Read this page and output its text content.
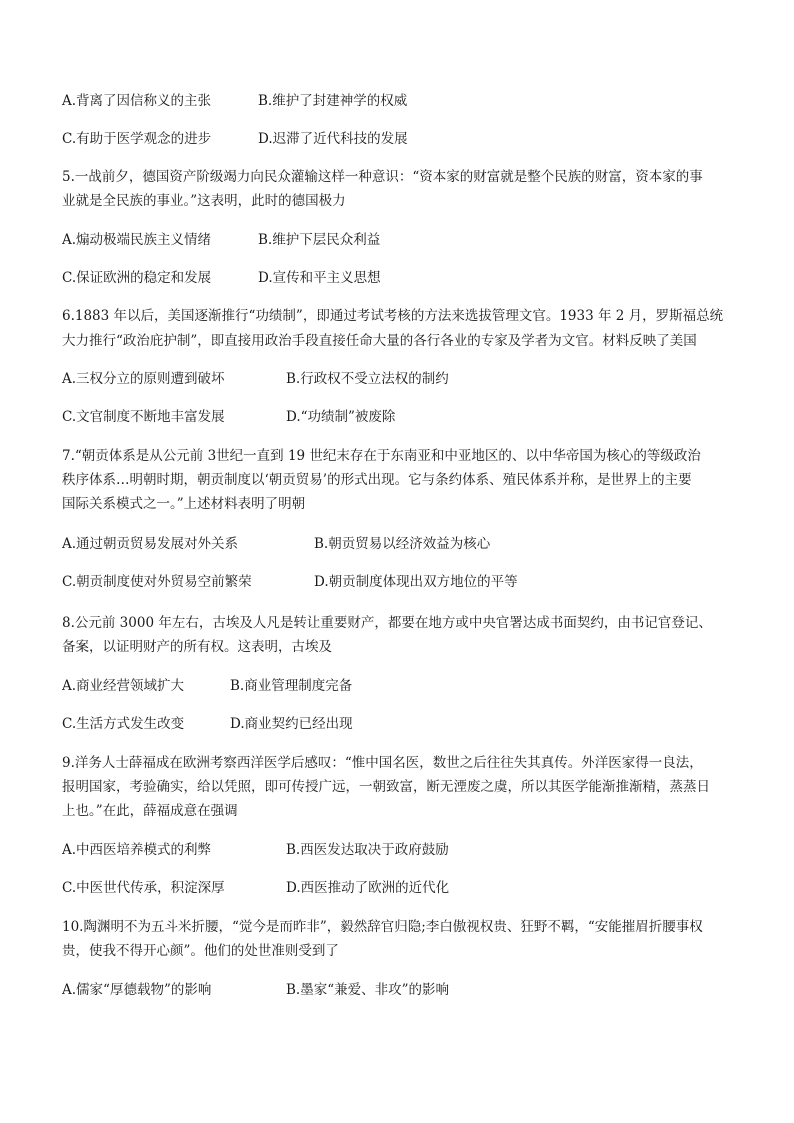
A.背离了因信称义的主张	B.维护了封建神学的权威
C.有助于医学观念的进步	D.迟滞了近代科技的发展
5.一战前夕，德国资产阶级竭力向民众灌输这样一种意识：“资本家的财富就是整个民族的财富，资本家的事
业就是全民族的事业。”这表明，此时的德国极力
A.煽动极端民族主义情绪	B.维护下层民众利益
C.保证欧洲的稳定和发展	D.宣传和平主义思想
6.1883 年以后，美国逐渐推行“功绩制”，即通过考试考核的方法来选拔管理文官。1933 年 2 月，罗斯福总统
大力推行“政治庇护制”，即直接用政治手段直接任命大量的各行各业的专家及学者为文官。材料反映了美国
A.三权分立的原则遭到破坏	B.行政权不受立法权的制约
C.文官制度不断地丰富发展	D.“功绩制”被废除
7.“朝贡体系是从公元前 3世纪一直到 19 世纪末存在于东南亚和中亚地区的、以中华帝国为核心的等级政治
秩序体系…明朝时期，朝贡制度以‘朝贡贸易’的形式出现。它与条约体系、殖民体系并称，是世界上的主要
国际关系模式之一。”上述材料表明了明朝
A.通过朝贡贸易发展对外关系	B.朝贡贸易以经济效益为核心
C.朝贡制度使对外贸易空前繁荣	D.朝贡制度体现出双方地位的平等
8.公元前 3000 年左右，古埃及人凡是转让重要财产，都要在地方或中央官署达成书面契约，由书记官登记、
备案，以证明财产的所有权。这表明，古埃及
A.商业经营领域扩大	B.商业管理制度完备
C.生活方式发生改变	D.商业契约已经出现
9.洋务人士薛福成在欧洲考察西洋医学后感叹：“惟中国名医，数世之后往往失其真传。外洋医家得一良法，
报明国家，考验确实，给以凭照，即可传授广远，一朝致富，断无湮废之虞，所以其医学能渐推渐精，蒸蒸日
上也。”在此，薛福成意在强调
A.中西医培养模式的利弊	B.西医发达取决于政府鼓励
C.中医世代传承，积淀深厚	D.西医推动了欧洲的近代化
10.陶渊明不为五斗米折腰，“觉今是而昨非”，毅然辞官归隐;李白傲视权贵、狂野不羁，“安能摧眉折腰事权
贵，使我不得开心颜”。他们的处世准则受到了
A.儒家“厚德载物”的影响	B.墨家“兼爱、非攻”的影响
